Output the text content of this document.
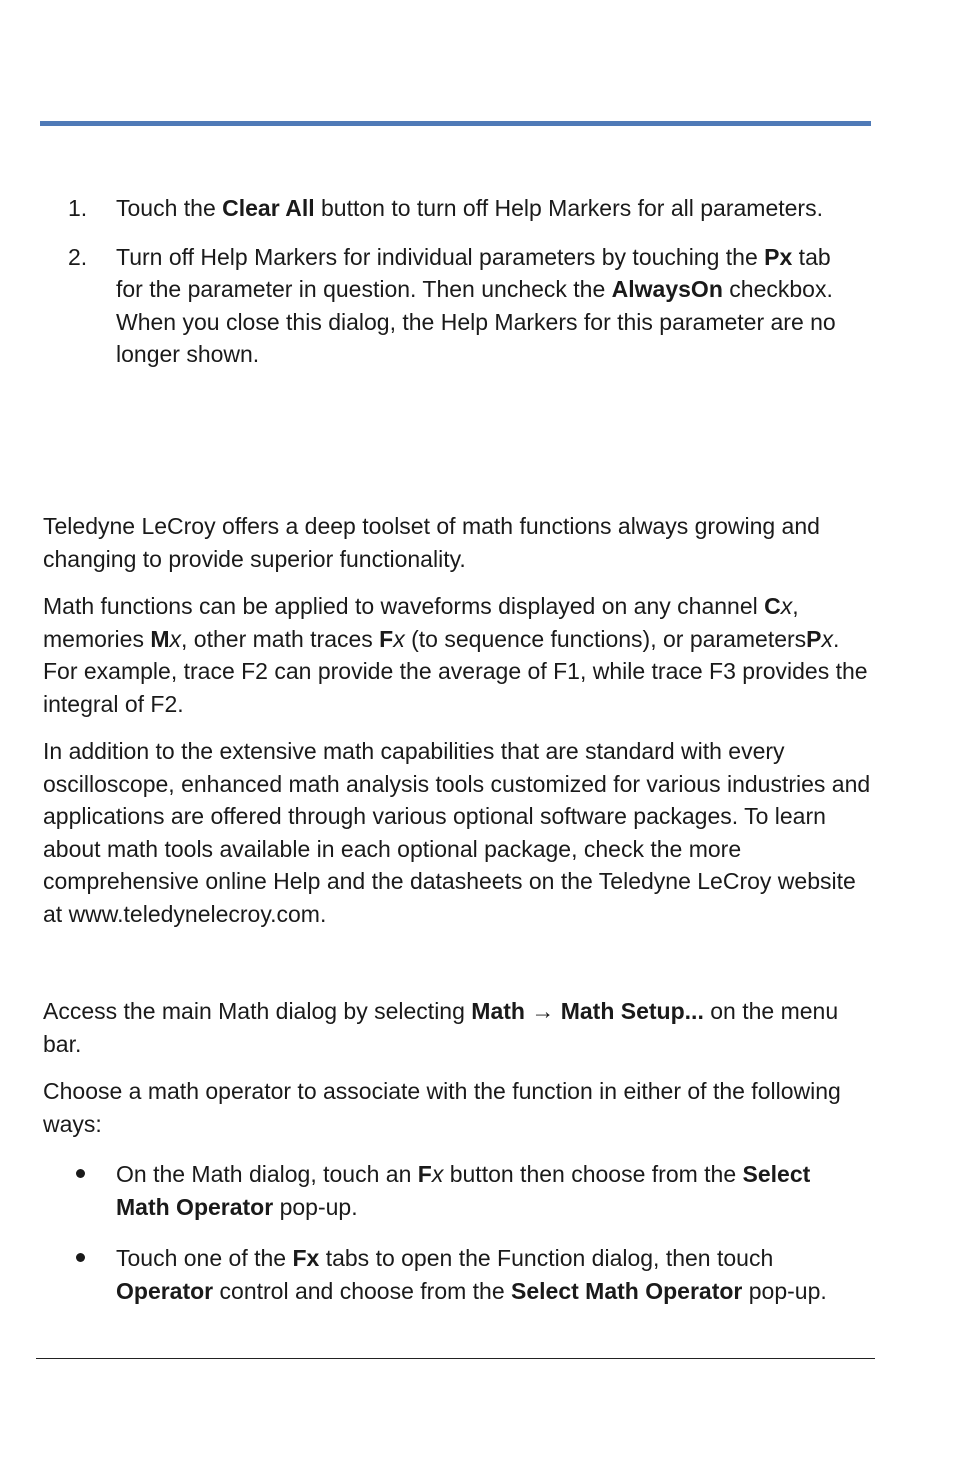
1. Touch the Clear All button to turn off Help Markers for all parameters.
2. Turn off Help Markers for individual parameters by touching the Px tab for the parameter in question. Then uncheck the AlwaysOn checkbox. When you close this dialog, the Help Markers for this parameter are no longer shown.

Teledyne LeCroy offers a deep toolset of math functions always growing and changing to provide superior functionality.

Math functions can be applied to waveforms displayed on any channel Cx, memories Mx, other math traces Fx (to sequence functions), or parametersPx. For example, trace F2 can provide the average of F1, while trace F3 provides the integral of F2.

In addition to the extensive math capabilities that are standard with every oscilloscope, enhanced math analysis tools customized for various industries and applications are offered through various optional software packages. To learn about math tools available in each optional package, check the more comprehensive online Help and the datasheets on the Teledyne LeCroy website at www.teledynelecroy.com.

Access the main Math dialog by selecting Math → Math Setup... on the menu bar.

Choose a math operator to associate with the function in either of the following ways:

On the Math dialog, touch an Fx button then choose from the Select Math Operator pop-up.
Touch one of the Fx tabs to open the Function dialog, then touch Operator control and choose from the Select Math Operator pop-up.
